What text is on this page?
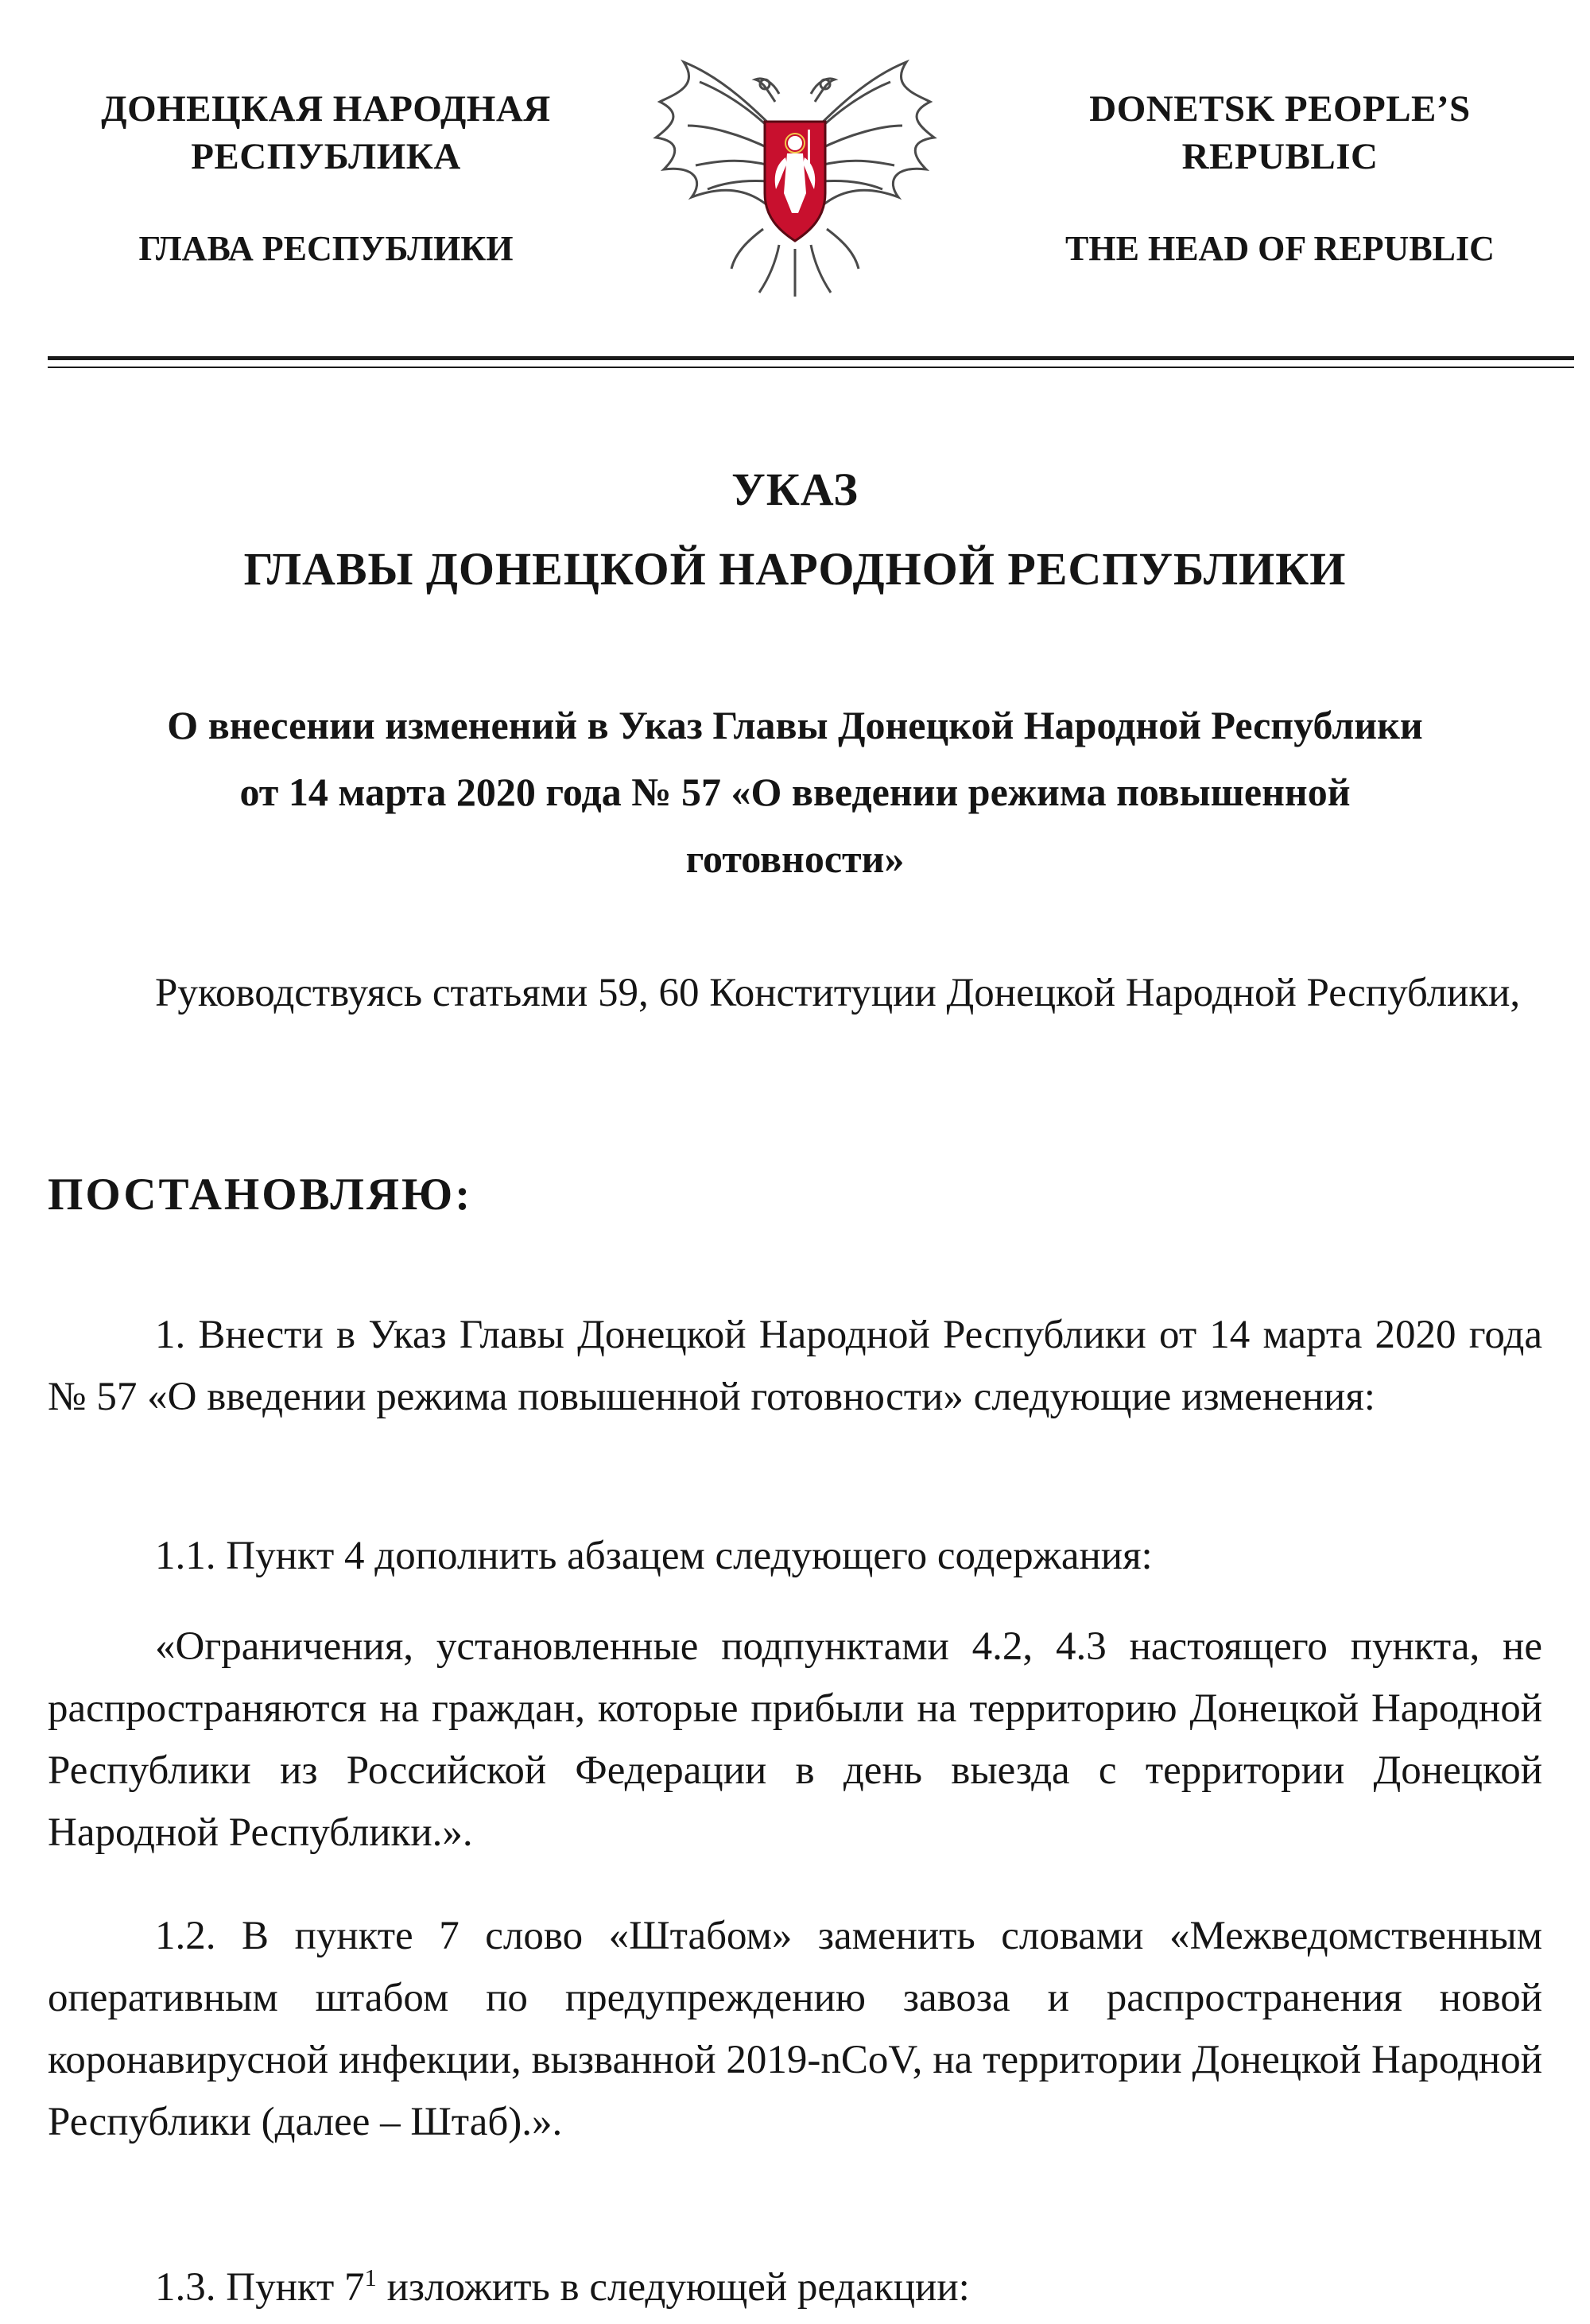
ДОНЕЦКАЯ НАРОДНАЯ
РЕСПУБЛИКА
ГЛАВА РЕСПУБЛИКИ
DONETSK PEOPLE’S
REPUBLIC
THE HEAD OF REPUBLIC
УКАЗ
ГЛАВЫ ДОНЕЦКОЙ НАРОДНОЙ РЕСПУБЛИКИ
О внесении изменений в Указ Главы Донецкой Народной Республики
от 14 марта 2020 года № 57 «О введении режима повышенной
готовности»
Руководствуясь статьями 59, 60 Конституции Донецкой Народной Республики,
ПОСТАНОВЛЯЮ:
1. Внести в Указ Главы Донецкой Народной Республики от 14 марта 2020 года № 57 «О введении режима повышенной готовности» следующие изменения:
1.1. Пункт 4 дополнить абзацем следующего содержания:
«Ограничения, установленные подпунктами 4.2, 4.3 настоящего пункта, не распространяются на граждан, которые прибыли на территорию Донецкой Народной Республики из Российской Федерации в день выезда с территории Донецкой Народной Республики.».
1.2. В пункте 7 слово «Штабом» заменить словами «Межведомственным оперативным штабом по предупреждению завоза и распространения новой коронавирусной инфекции, вызванной 2019-nCoV, на территории Донецкой Народной Республики (далее – Штаб).».
1.3. Пункт $7^1$ изложить в следующей редакции:
